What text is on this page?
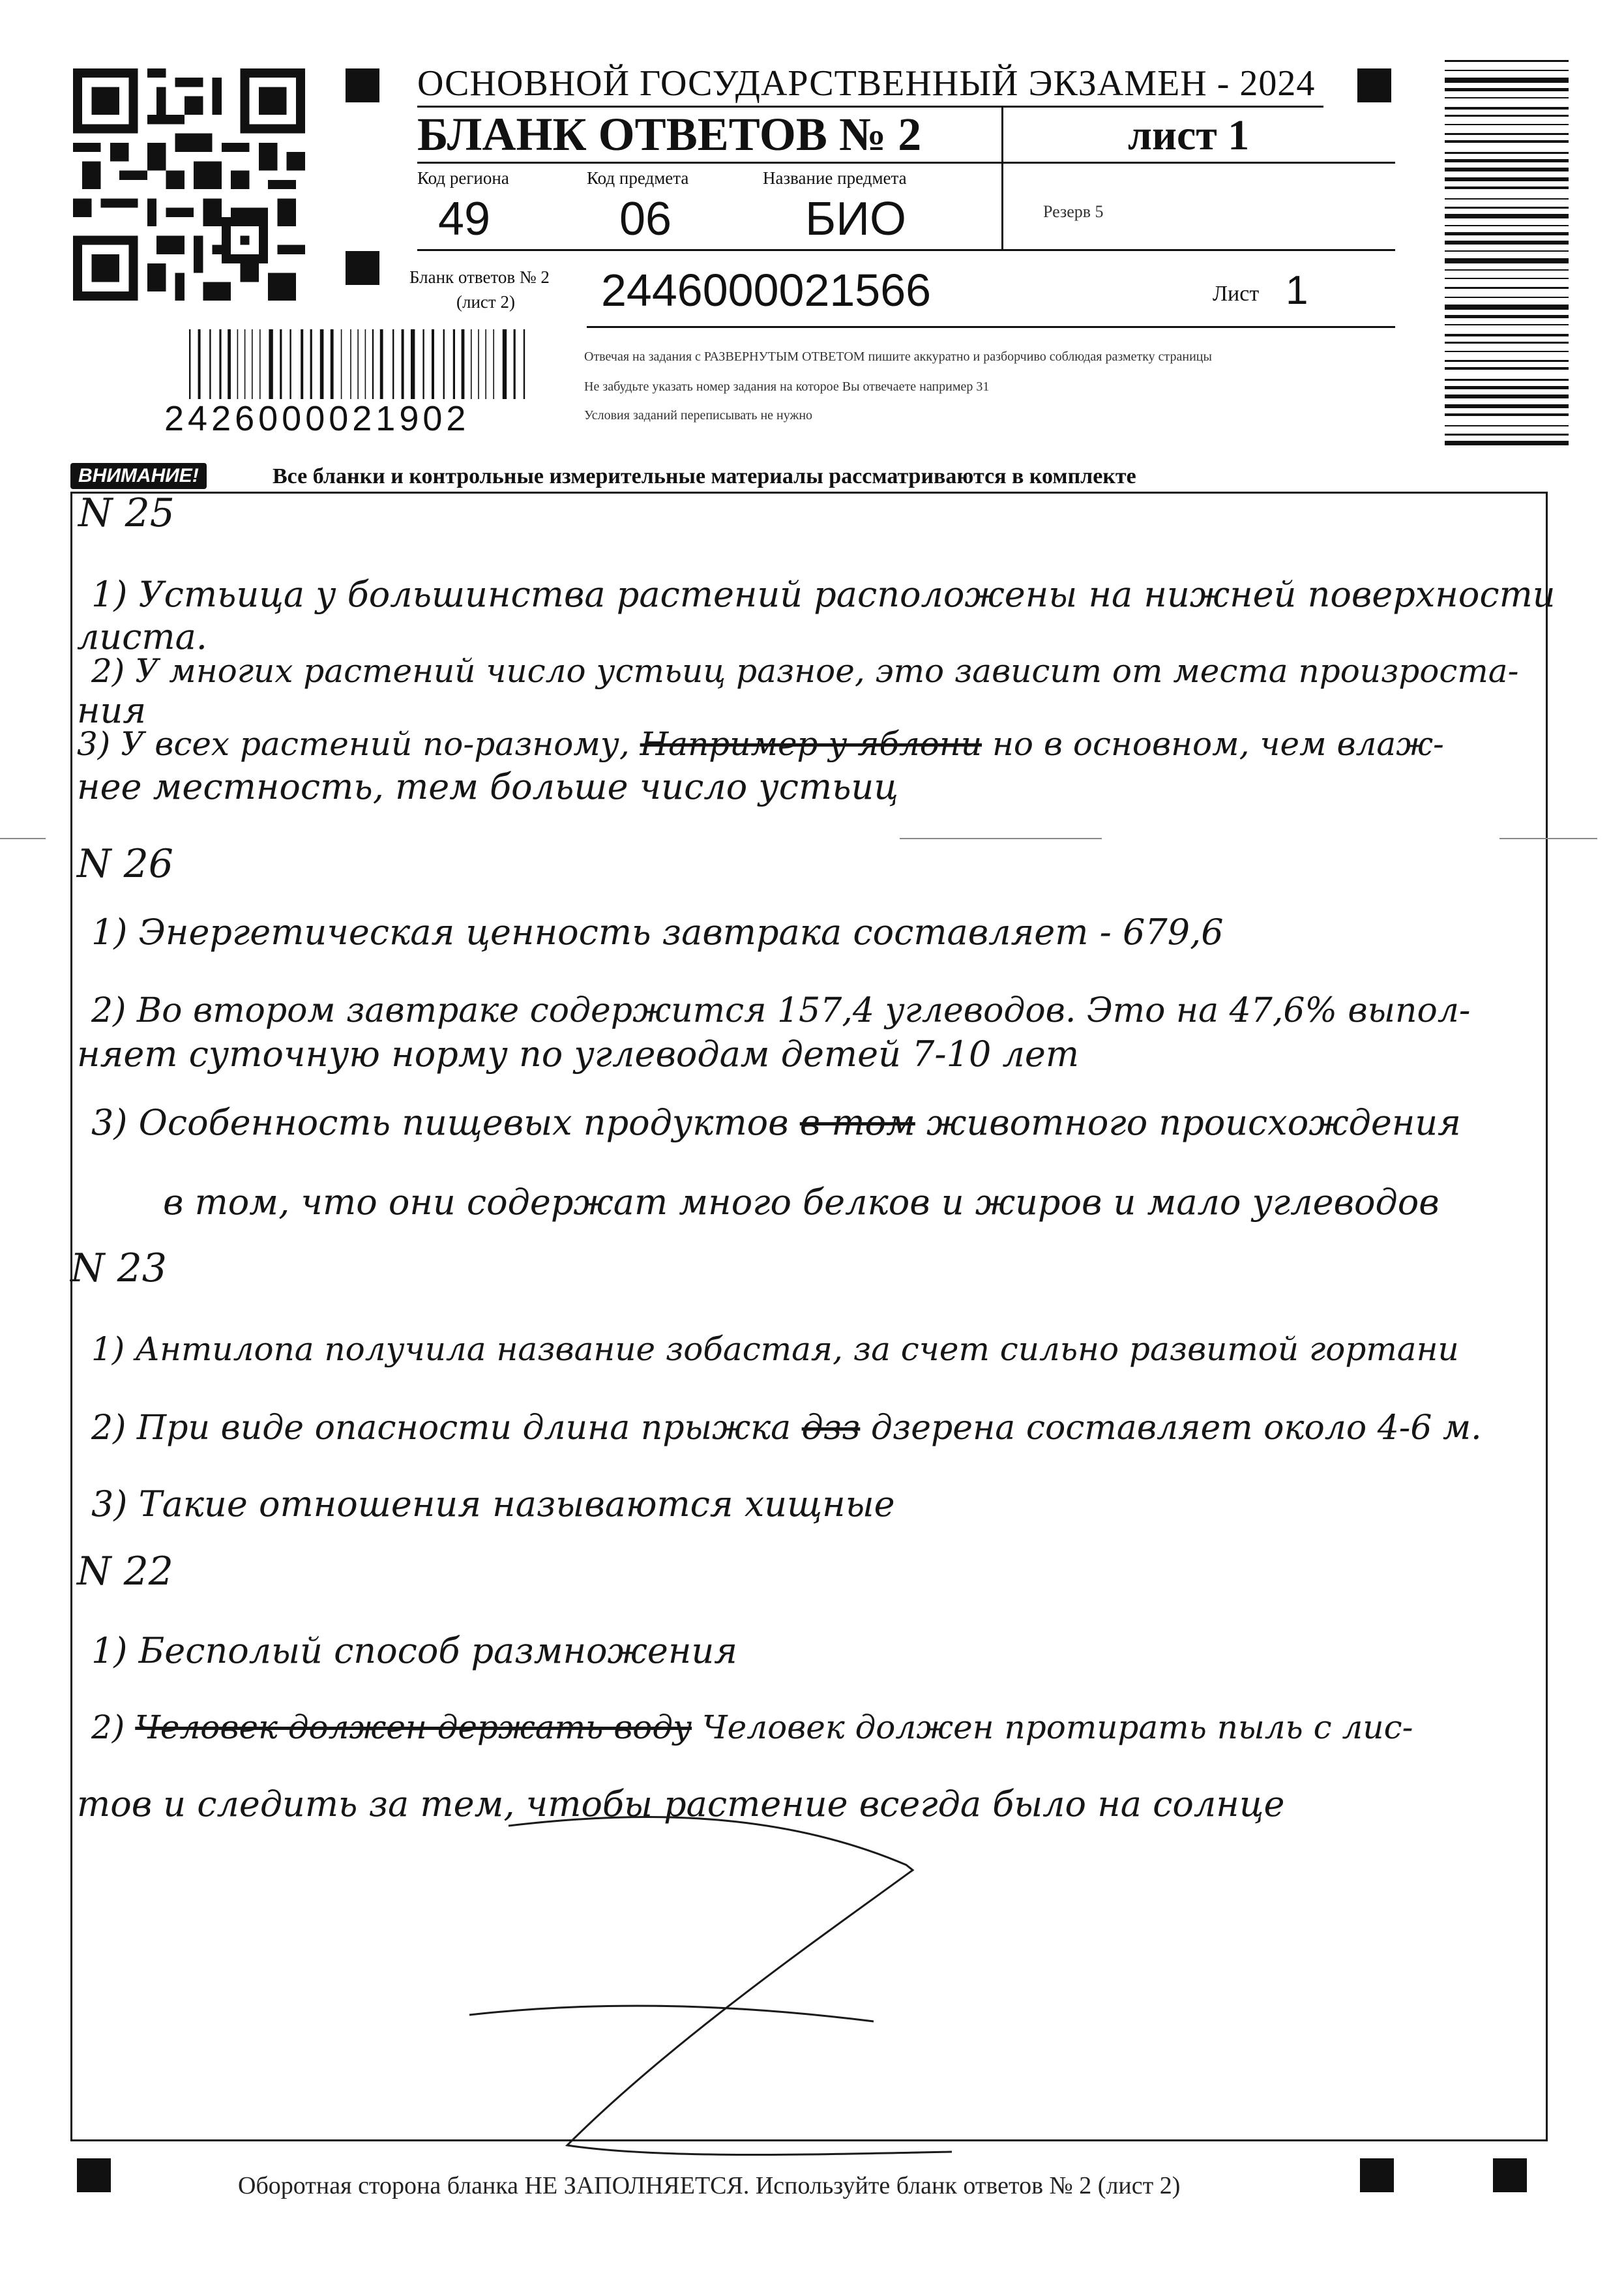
ОСНОВНОЙ ГОСУДАРСТВЕННЫЙ ЭКЗАМЕН - 2024
БЛАНК ОТВЕТОВ № 2	лист 1
Код региона
49
Код предмета
06
Название предмета
БИО	Резерв 5
Бланк ответов № 2
(лист 2) 2446000021566	Лист 1
Отвечая на задания с РАЗВЕРНУТЫМ ОТВЕТОМ пишите аккуратно и разборчиво соблюдая разметку страницы
Не забудьте указать номер задания на которое Вы отвечаете например 31
Условия заданий переписывать не нужно
2426000021902
ВНИМАНИЕ!	Все бланки и контрольные измерительные материалы рассматриваются в комплекте
N 25
1) Устьица у большинства растений расположены на нижней поверхности
листа.
2) У многих растений число устьиц разное, это зависит от места произроста-
ния
3) У всех растений по-разному, Например у яблони но в основном, чем влаж-
нее местность, тем больше число устьиц
N 26
1) Энергетическая ценность завтрака составляет - 679,6
2) Во втором завтраке содержится 157,4 углеводов. Это на 47,6% выпол-
няет суточную норму по углеводам детей 7-10 лет
3) Особенность пищевых продуктов в том животного происхождения
в том, что они содержат много белков и жиров и мало углеводов
N 23
1) Антилопа получила название зобастая, за счет сильно развитой гортани
2) При виде опасности длина прыжка дзз дзерена составляет около 4-6 м.
3) Такие отношения называются хищные
N 22
1) Бесполый способ размножения
2) Человек должен держать воду Человек должен протирать пыль с лис-
тов и следить за тем, чтобы растение всегда было на солнце
Оборотная сторона бланка НЕ ЗАПОЛНЯЕТСЯ. Используйте бланк ответов № 2 (лист 2)
